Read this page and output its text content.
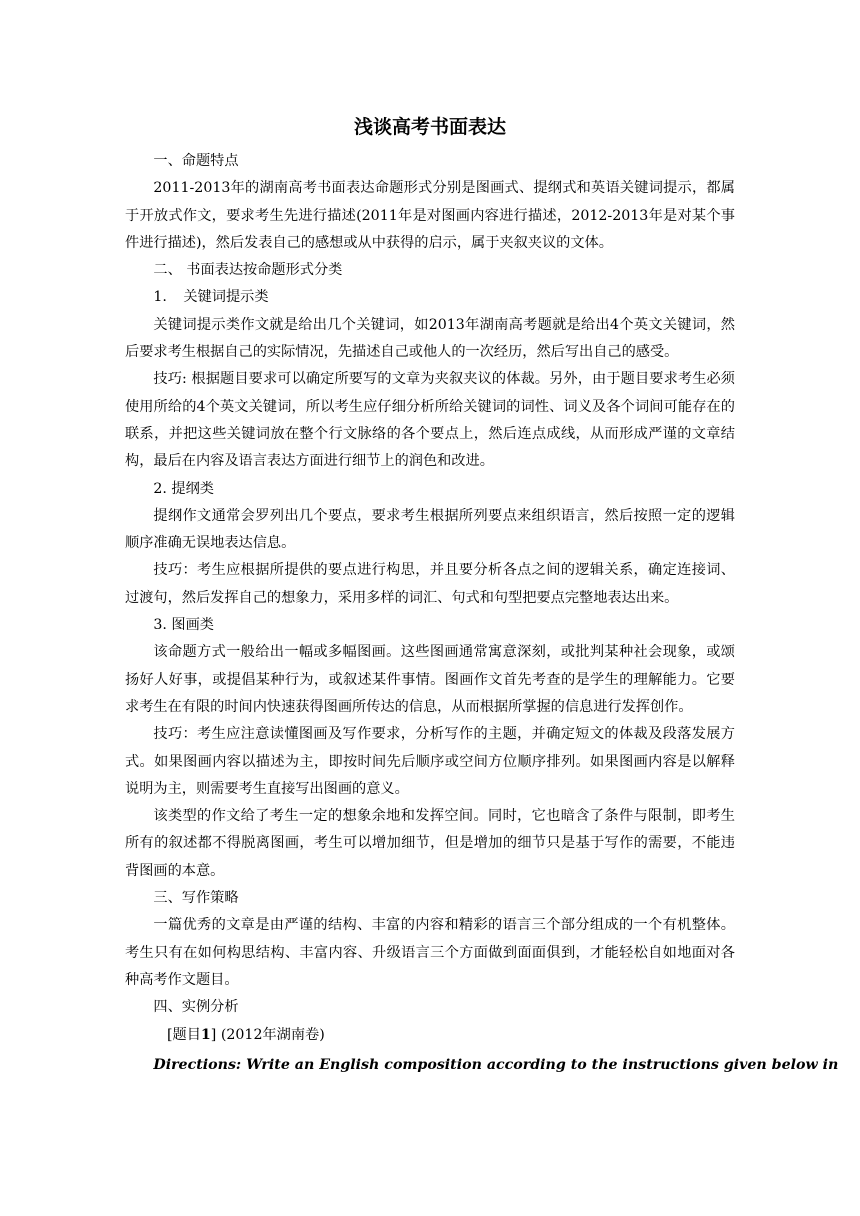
浅谈高考书面表达

一、命题特点

2011-2013年的湖南高考书面表达命题形式分别是图画式、提纲式和英语关键词提示，都属于开放式作文，要求考生先进行描述(2011年是对图画内容进行描述，2012-2013年是对某个事件进行描述)，然后发表自己的感想或从中获得的启示，属于夹叙夹议的文体。

二、 书面表达按命题形式分类

1. 关键词提示类

关键词提示类作文就是给出几个关键词，如2013年湖南高考题就是给出4个英文关键词，然后要求考生根据自己的实际情况，先描述自己或他人的一次经历，然后写出自己的感受。

技巧: 根据题目要求可以确定所要写的文章为夹叙夹议的体裁。另外，由于题目要求考生必须使用所给的4个英文关键词，所以考生应仔细分析所给关键词的词性、词义及各个词间可能存在的联系，并把这些关键词放在整个行文脉络的各个要点上，然后连点成线，从而形成严谨的文章结构，最后在内容及语言表达方面进行细节上的润色和改进。

2. 提纲类

提纲作文通常会罗列出几个要点，要求考生根据所列要点来组织语言，然后按照一定的逻辑顺序准确无误地表达信息。

技巧：考生应根据所提供的要点进行构思，并且要分析各点之间的逻辑关系，确定连接词、过渡句，然后发挥自己的想象力，采用多样的词汇、句式和句型把要点完整地表达出来。

3. 图画类

该命题方式一般给出一幅或多幅图画。这些图画通常寓意深刻，或批判某种社会现象，或颂扬好人好事，或提倡某种行为，或叙述某件事情。图画作文首先考查的是学生的理解能力。它要求考生在有限的时间内快速获得图画所传达的信息，从而根据所掌握的信息进行发挥创作。

技巧：考生应注意读懂图画及写作要求，分析写作的主题，并确定短文的体裁及段落发展方式。如果图画内容以描述为主，即按时间先后顺序或空间方位顺序排列。如果图画内容是以解释说明为主，则需要考生直接写出图画的意义。

该类型的作文给了考生一定的想象余地和发挥空间。同时，它也暗含了条件与限制，即考生所有的叙述都不得脱离图画，考生可以增加细节，但是增加的细节只是基于写作的需要，不能违背图画的本意。

三、写作策略

一篇优秀的文章是由严谨的结构、丰富的内容和精彩的语言三个部分组成的一个有机整体。考生只有在如何构思结构、丰富内容、升级语言三个方面做到面面俱到，才能轻松自如地面对各种高考作文题目。

四、实例分析

[题目1] (2012年湖南卷)

Directions: Write an English composition according to the instructions given below in
